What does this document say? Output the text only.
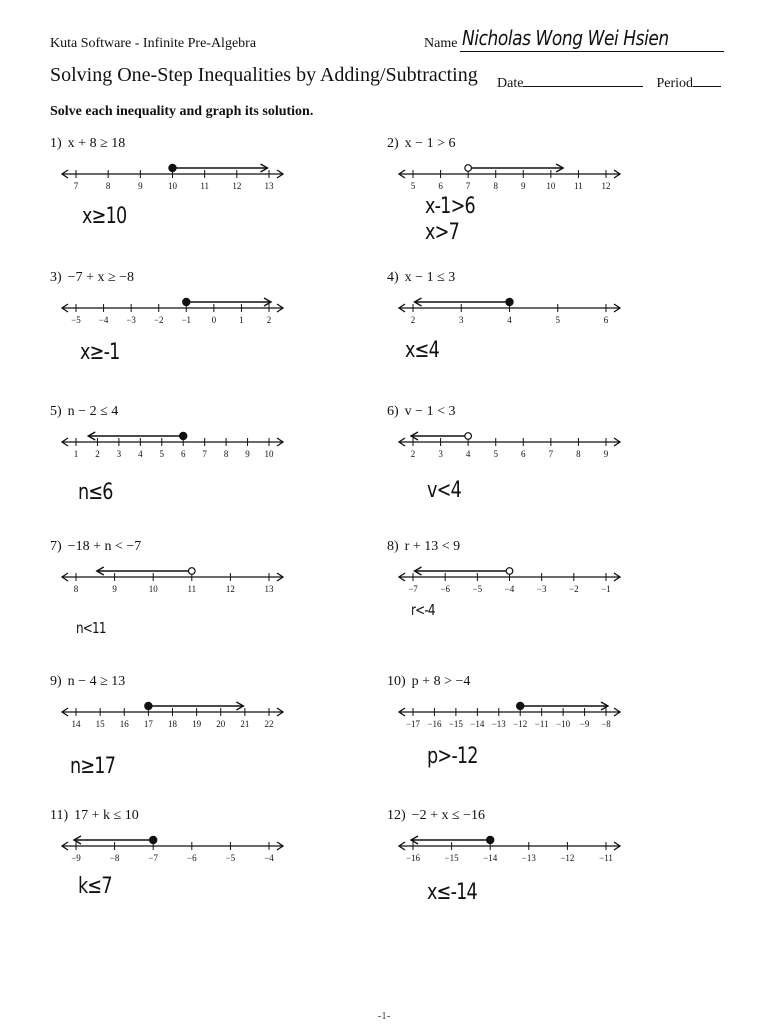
Kuta Software - Infinite Pre-Algebra	Name Nicholas Wong Wei Hsien
Solving One-Step Inequalities by Adding/Subtracting Date	Period
Solve each inequality and graph its solution.
1) x + 8 ≥ 18
7	8	9	10	11	12	13
x≥10
2) x − 1 > 6
5	6	7	8	9 10 11 12
x-1>6
x>7
3) −7 + x ≥ −8
−5 −4 −3 −2 −1 0	1	2
x≥-1
4) x − 1 ≤ 3
2	3	4	5	6
x≤4
5) n − 2 ≤ 4
1 2 3 4 5 6 7 8 9 10
n≤6
6) v − 1 < 3
2	3	4	5	6	7	8	9
v<4
7) −18 + n < −7
8	9	10	11	12	13
n<11
8) r + 13 < 9
−7	−6	−5	−4	−3	−2	−1
r<-4
9) n − 4 ≥ 13
14 15 16 17 18 19 20 21 22
n≥17
10) p + 8 > −4
−17 −16 −15 −14 −13 −12 −11 −10 −9 −8
p>-12
11) 17 + k ≤ 10
−9	−8	−7	−6	−5	−4
k≤7
12) −2 + x ≤ −16
−16	−15	−14	−13	−12	−11
x≤-14
-1-
